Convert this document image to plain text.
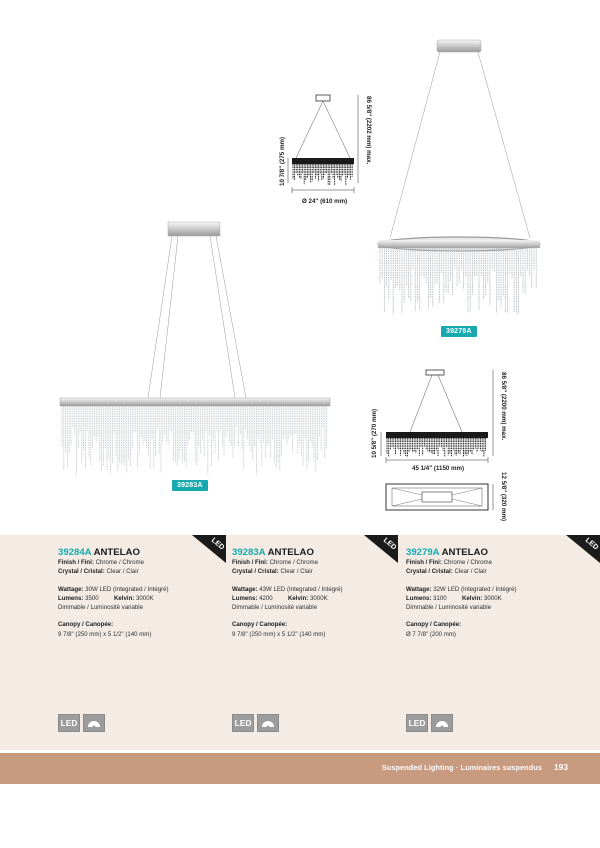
Ø 24" (610 mm)
10 7/8" (275 mm)	86 5/8" (2202 mm) max.
45 1/4" (1150 mm)
10 5/8" (270 mm)	86 5/8" (2200 mm) max.
12 5/8" (320 mm)
39279A
39283A
39284A ANTELAO
Finish / Fini: Chrome / Chrome
Crystal / Cristal: Clear / Clair
Wattage: 30W LED (Integrated / Intégré)
Lumens: 3500	Kelvin: 3000K
Dimmable / Luminosité variable
Canopy / Canopée:
9 7/8" (250 mm) x 5 1/2" (140 mm)
LED
LED
39283A ANTELAO
Finish / Fini: Chrome / Chrome
Crystal / Cristal: Clear / Clair
Wattage: 43W LED (Integrated / Intégré)
Lumens: 4200	Kelvin: 3000K
Dimmable / Luminosité variable
Canopy / Canopée:
9 7/8" (250 mm) x 5 1/2" (140 mm)
LED
LED
39279A ANTELAO
Finish / Fini: Chrome / Chrome
Crystal / Cristal: Clear / Clair
Wattage: 32W LED (Integrated / Intégré)
Lumens: 3100	Kelvin: 3000K
Dimmable / Luminosité variable
Canopy / Canopée:
Ø 7 7/8" (200 mm)
LED
LED
Suspended Lighting · Luminaires suspendus 193
